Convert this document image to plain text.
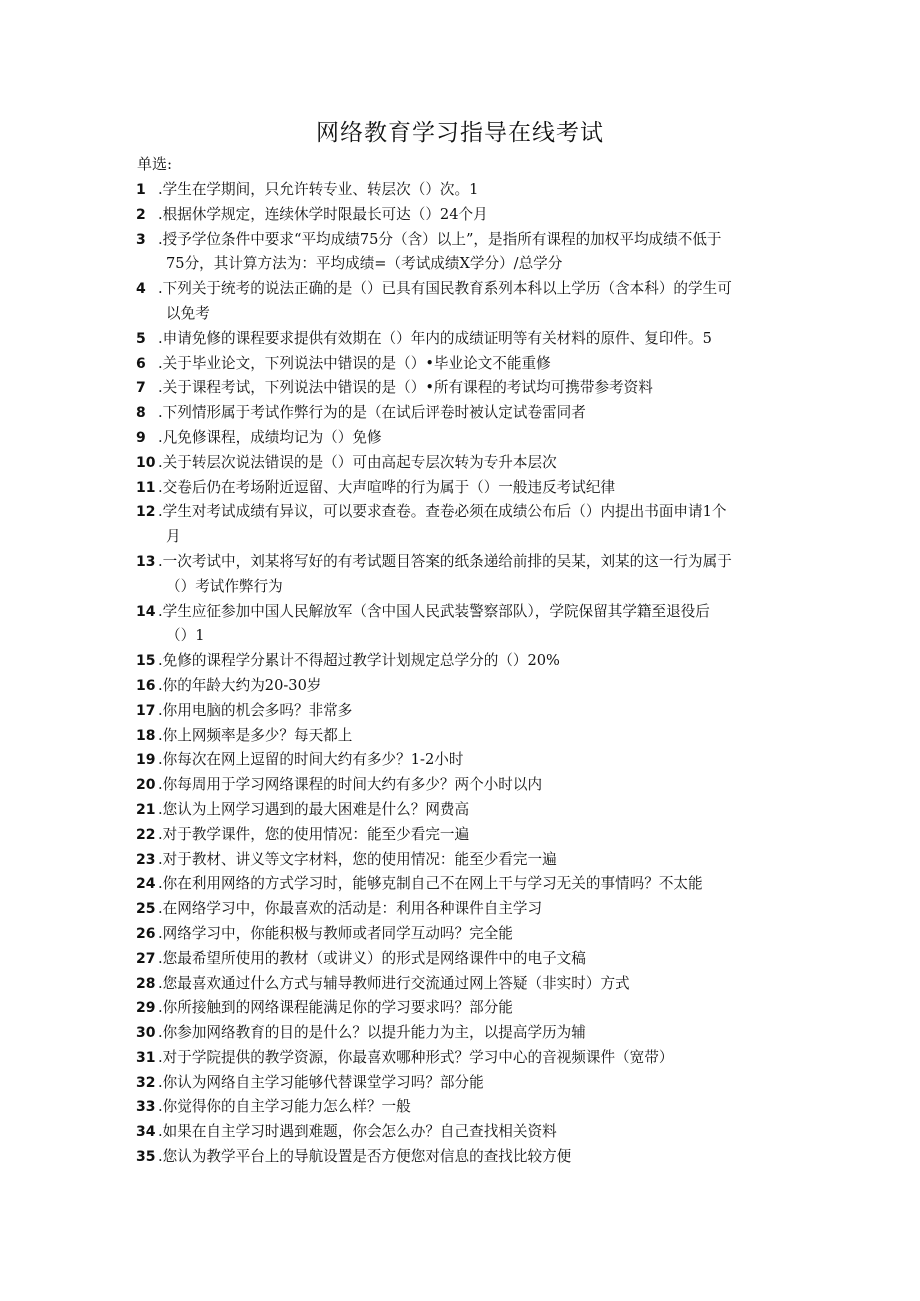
网络教育学习指导在线考试
单选:
1 .学生在学期间，只允许转专业、转层次（）次。1
2 .根据休学规定，连续休学时限最长可达（）24个月
3 .授予学位条件中要求“平均成绩75分（含）以上”，是指所有课程的加权平均成绩不低于
75分，其计算方法为：平均成绩=（考试成绩X学分）/总学分
4 .下列关于统考的说法正确的是（）已具有国民教育系列本科以上学历（含本科）的学生可
以免考
5 .申请免修的课程要求提供有效期在（）年内的成绩证明等有关材料的原件、复印件。5
6 .关于毕业论文，下列说法中错误的是（）•毕业论文不能重修
7 .关于课程考试，下列说法中错误的是（）•所有课程的考试均可携带参考资料
8 .下列情形属于考试作弊行为的是（在试后评卷时被认定试卷雷同者
9 .凡免修课程，成绩均记为（）免修
10 .关于转层次说法错误的是（）可由高起专层次转为专升本层次
11 .交卷后仍在考场附近逗留、大声喧哗的行为属于（）一般违反考试纪律
12 .学生对考试成绩有异议，可以要求查卷。查卷必须在成绩公布后（）内提出书面申请1个
月
13 .一次考试中，刘某将写好的有考试题目答案的纸条递给前排的吴某，刘某的这一行为属于
（）考试作弊行为
14 .学生应征参加中国人民解放军（含中国人民武装警察部队），学院保留其学籍至退役后
（）1
15 .免修的课程学分累计不得超过教学计划规定总学分的（）20%
16 .你的年龄大约为20-30岁
17 .你用电脑的机会多吗？非常多
18 .你上网频率是多少？每天都上
19 .你每次在网上逗留的时间大约有多少？1-2小时
20 .你每周用于学习网络课程的时间大约有多少？两个小时以内
21 .您认为上网学习遇到的最大困难是什么？网费高
22 .对于教学课件，您的使用情况：能至少看完一遍
23 .对于教材、讲义等文字材料，您的使用情况：能至少看完一遍
24 .你在利用网络的方式学习时，能够克制自己不在网上干与学习无关的事情吗？不太能
25 .在网络学习中，你最喜欢的活动是：利用各种课件自主学习
26 .网络学习中，你能积极与教师或者同学互动吗？完全能
27 .您最希望所使用的教材（或讲义）的形式是网络课件中的电子文稿
28 .您最喜欢通过什么方式与辅导教师进行交流通过网上答疑（非实时）方式
29 .你所接触到的网络课程能满足你的学习要求吗？部分能
30 .你参加网络教育的目的是什么？以提升能力为主，以提高学历为辅
31 .对于学院提供的教学资源，你最喜欢哪种形式？学习中心的音视频课件（宽带）
32 .你认为网络自主学习能够代替课堂学习吗？部分能
33 .你觉得你的自主学习能力怎么样？一般
34 .如果在自主学习时遇到难题，你会怎么办？自己查找相关资料
35 .您认为教学平台上的导航设置是否方便您对信息的查找比较方便
